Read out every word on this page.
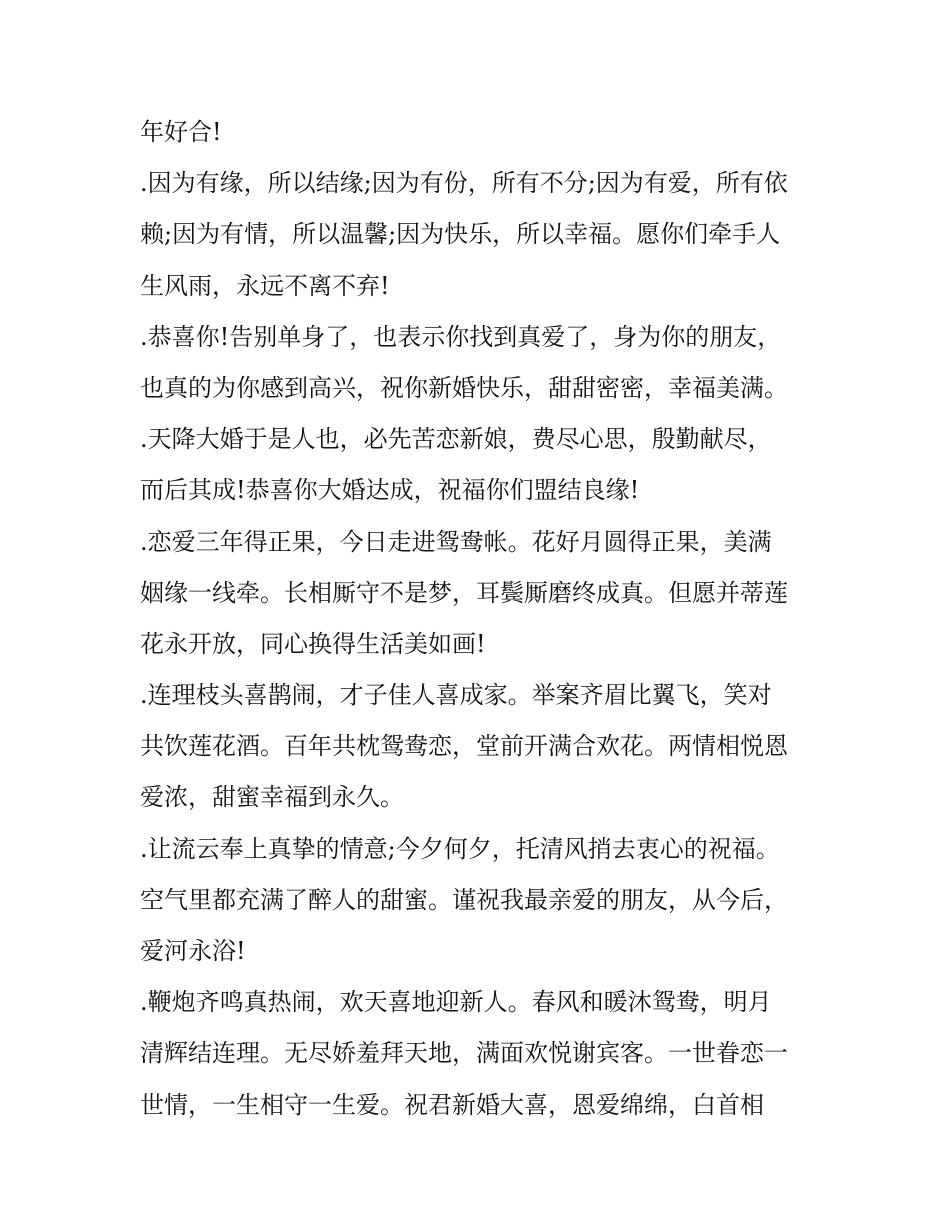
年好合!
.因为有缘，所以结缘;因为有份，所有不分;因为有爱，所有依
赖;因为有情，所以温馨;因为快乐，所以幸福。愿你们牵手人
生风雨，永远不离不弃!
.恭喜你!告别单身了，也表示你找到真爱了，身为你的朋友，
也真的为你感到高兴，祝你新婚快乐，甜甜密密，幸福美满。
.天降大婚于是人也，必先苦恋新娘，费尽心思，殷勤献尽，
而后其成!恭喜你大婚达成，祝福你们盟结良缘!
.恋爱三年得正果，今日走进鸳鸯帐。花好月圆得正果，美满
姻缘一线牵。长相厮守不是梦，耳鬓厮磨终成真。但愿并蒂莲
花永开放，同心换得生活美如画!
.连理枝头喜鹊闹，才子佳人喜成家。举案齐眉比翼飞，笑对
共饮莲花酒。百年共枕鸳鸯恋，堂前开满合欢花。两情相悦恩
爱浓，甜蜜幸福到永久。
.让流云奉上真挚的情意;今夕何夕，托清风捎去衷心的祝福。
空气里都充满了醉人的甜蜜。谨祝我最亲爱的朋友，从今后，
爱河永浴!
.鞭炮齐鸣真热闹，欢天喜地迎新人。春风和暖沐鸳鸯，明月
清辉结连理。无尽娇羞拜天地，满面欢悦谢宾客。一世眷恋一
世情，一生相守一生爱。祝君新婚大喜，恩爱绵绵，白首相
